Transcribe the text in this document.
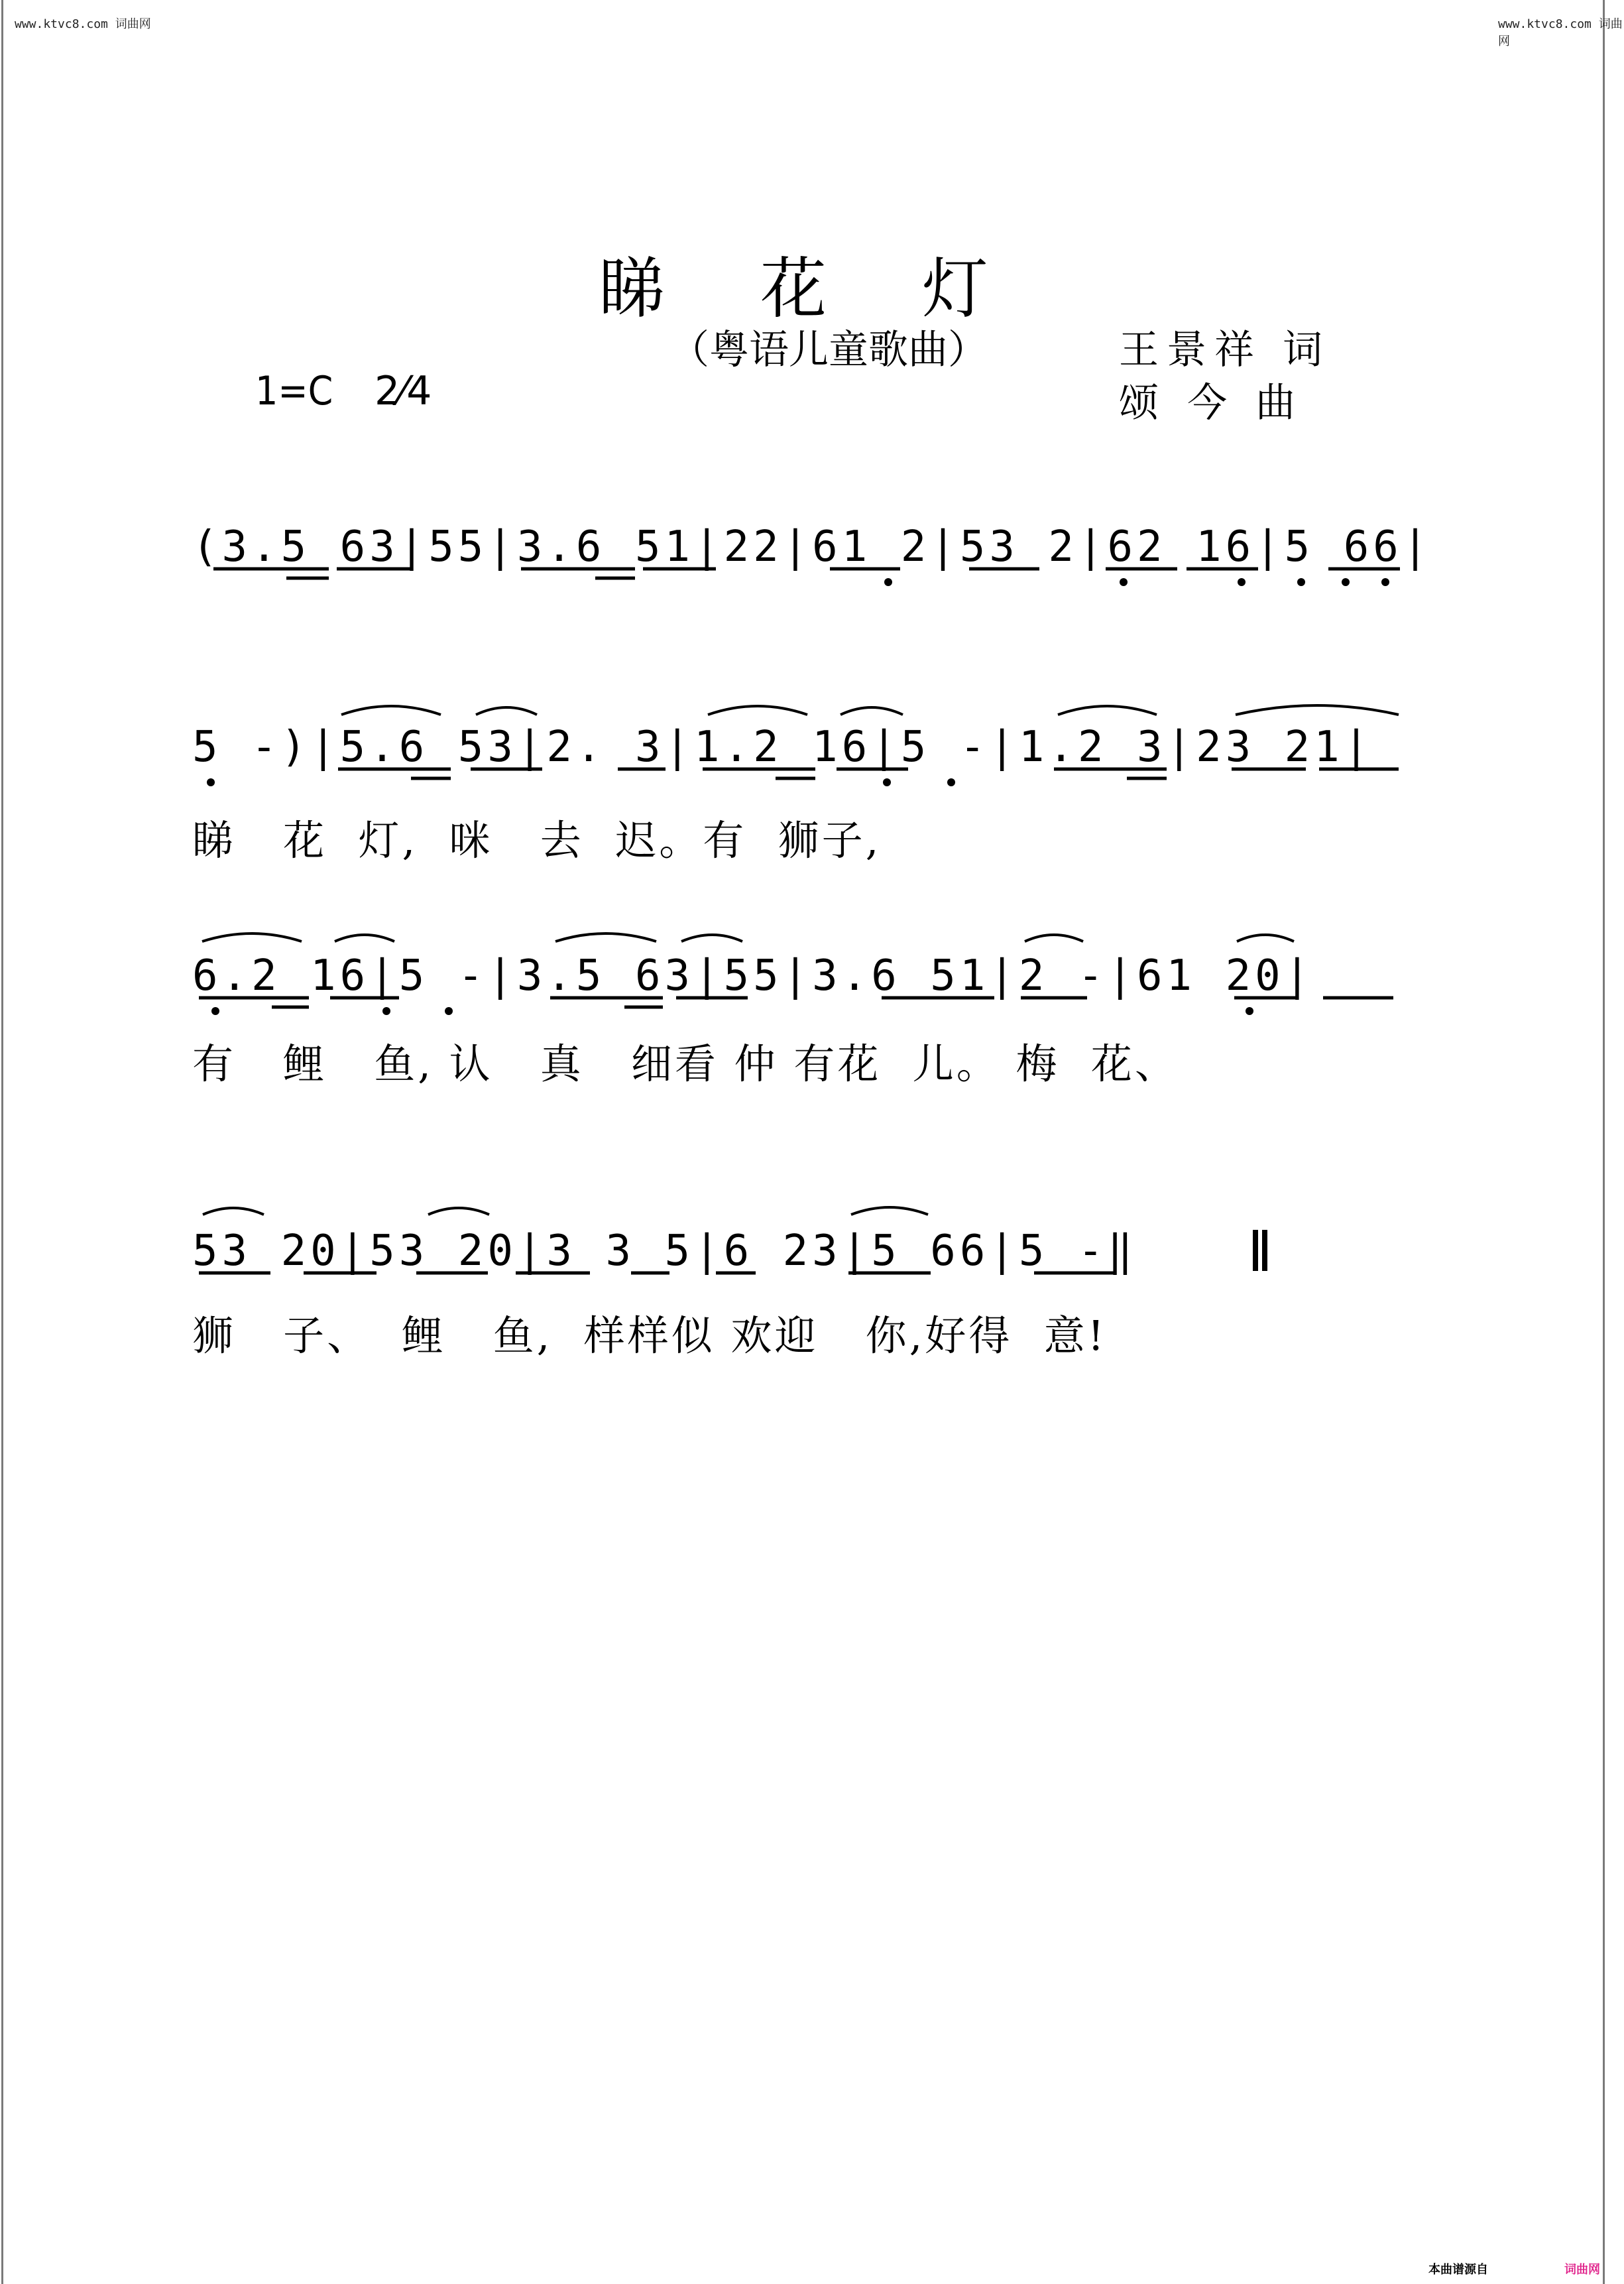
www.ktvc8.com 词曲网	www.ktvc8.com 词曲网
睇 花 灯
（粤语儿童歌曲）	王景祥 词
颂 今 曲
1=C 2⁄4
(3.5 63|55|3.6 51|22|61 2|53 2|62 16|5 66|
5 -)|5.6 53|2. 3|1.2 16|5 -|1.2 3|23 21|
睇   花  灯,  咪   去  迟。有  狮子,
6.2 16|5 -|3.5 63|55|3.6 51|2 -|61 20|
有   鲤   鱼, 认   真   细看 仲 有花  儿。 梅  花、
53 20|53 20|3 3 5|6 23|5 66|5 -‖
狮   子、  鲤   鱼,  样样似 欢迎   你,好得  意!
本曲谱源自	词曲网
